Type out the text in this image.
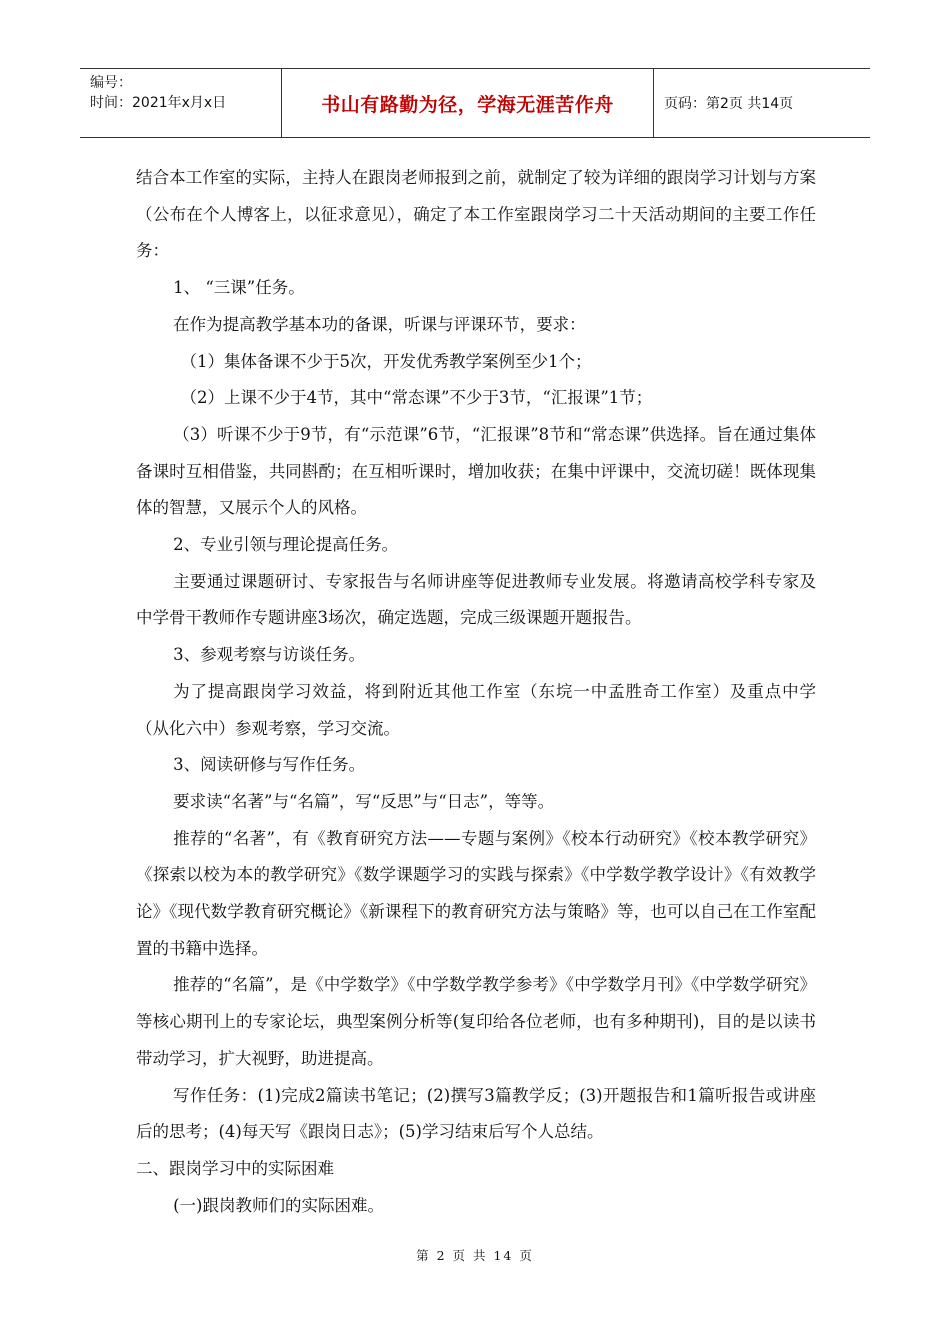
编号：
时间：2021年x月x日	书山有路勤为径，学海无涯苦作舟	页码：第2页 共14页

结合本工作室的实际，主持人在跟岗老师报到之前，就制定了较为详细的跟岗学习计划与方案（公布在个人博客上，以征求意见），确定了本工作室跟岗学习二十天活动期间的主要工作任务：

1、 “三课”任务。

在作为提高教学基本功的备课，听课与评课环节，要求：

（1）集体备课不少于5次，开发优秀教学案例至少1个；

（2）上课不少于4节，其中“常态课”不少于3节，“汇报课”1节；

（3）听课不少于9节，有“示范课”6节，“汇报课”8节和“常态课”供选择。旨在通过集体备课时互相借鉴，共同斟酌；在互相听课时，增加收获；在集中评课中，交流切磋！既体现集体的智慧，又展示个人的风格。

2、专业引领与理论提高任务。

主要通过课题研讨、专家报告与名师讲座等促进教师专业发展。将邀请高校学科专家及中学骨干教师作专题讲座3场次，确定选题，完成三级课题开题报告。

3、参观考察与访谈任务。

为了提高跟岗学习效益，将到附近其他工作室（东垸一中孟胜奇工作室）及重点中学（从化六中）参观考察，学习交流。

3、阅读研修与写作任务。

要求读“名著”与“名篇”，写“反思”与“日志”，等等。

推荐的“名著”，有《教育研究方法——专题与案例》《校本行动研究》《校本教学研究》《探索以校为本的教学研究》《数学课题学习的实践与探索》《中学数学教学设计》《有效教学论》《现代数学教育研究概论》《新课程下的教育研究方法与策略》等，也可以自己在工作室配置的书籍中选择。

推荐的“名篇”，是《中学数学》《中学数学教学参考》《中学数学月刊》《中学数学研究》等核心期刊上的专家论坛，典型案例分析等(复印给各位老师，也有多种期刊)，目的是以读书带动学习，扩大视野，助进提高。

写作任务：(1)完成2篇读书笔记；(2)撰写3篇教学反；(3)开题报告和1篇听报告或讲座后的思考；(4)每天写《跟岗日志》；(5)学习结束后写个人总结。

二、跟岗学习中的实际困难

(一)跟岗教师们的实际困难。

第 2 页 共 14 页
